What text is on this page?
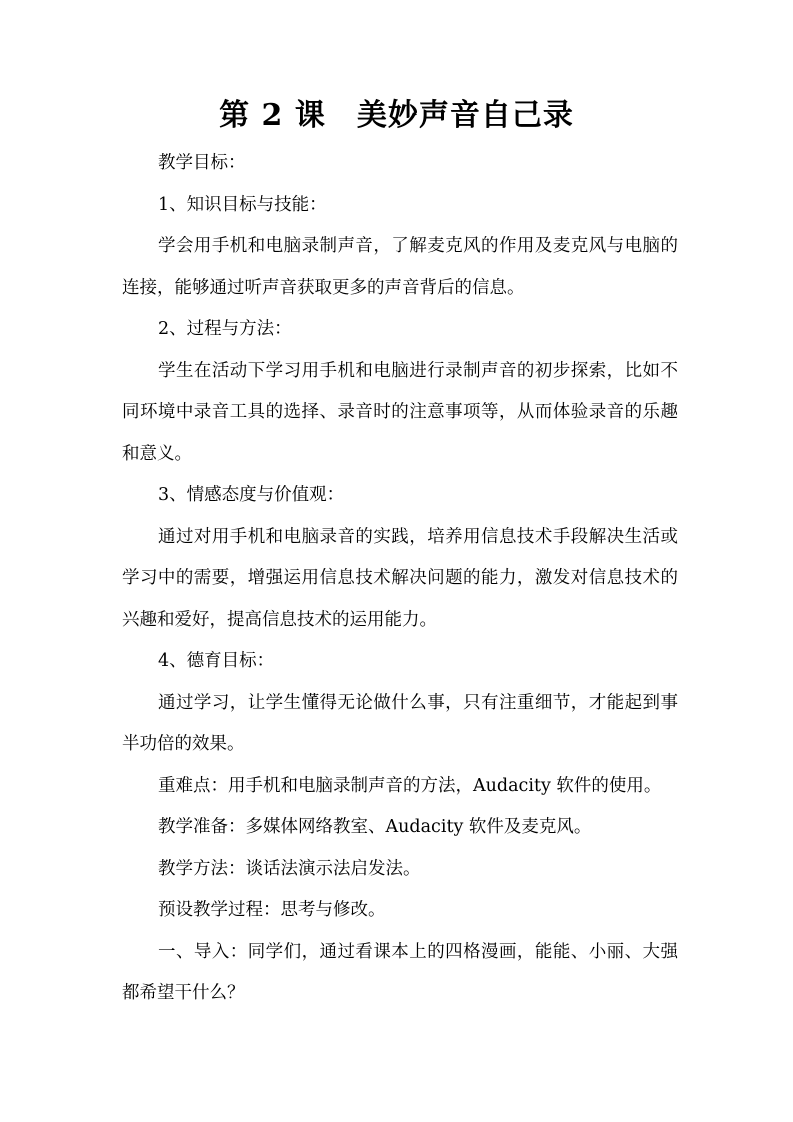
第 2 课　美妙声音自己录

教学目标：

1、知识目标与技能：

学会用手机和电脑录制声音，了解麦克风的作用及麦克风与电脑的连接，能够通过听声音获取更多的声音背后的信息。

2、过程与方法：

学生在活动下学习用手机和电脑进行录制声音的初步探索，比如不同环境中录音工具的选择、录音时的注意事项等，从而体验录音的乐趣和意义。

3、情感态度与价值观：

通过对用手机和电脑录音的实践，培养用信息技术手段解决生活或学习中的需要，增强运用信息技术解决问题的能力，激发对信息技术的兴趣和爱好，提高信息技术的运用能力。

4、德育目标：

通过学习，让学生懂得无论做什么事，只有注重细节，才能起到事半功倍的效果。

重难点：用手机和电脑录制声音的方法，Audacity 软件的使用。

教学准备：多媒体网络教室、Audacity 软件及麦克风。

教学方法：谈话法演示法启发法。

预设教学过程：思考与修改。

一、导入：同学们，通过看课本上的四格漫画，能能、小丽、大强都希望干什么？
